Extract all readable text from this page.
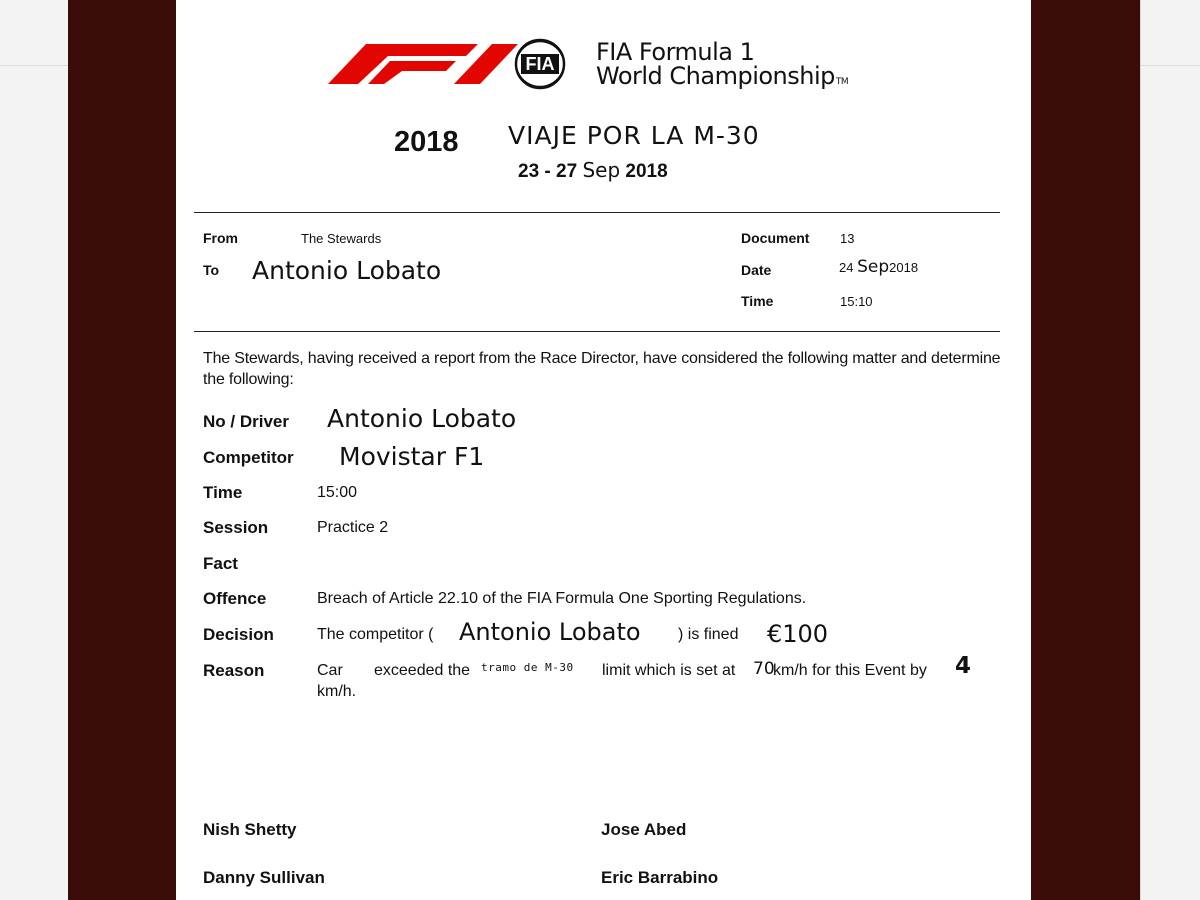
FIA FIA Formula 1
World ChampionshipTM
2018 VIAJE POR LA M-30
23 - 27 Sep 2018
From	The Stewards
To Antonio Lobato
Document 13
Date	24 Sep2018
Time	15:10
The Stewards, having received a report from the Race Director, have considered the following matter and determine the following:
No / Driver Antonio Lobato
Competitor Movistar F1
Time	15:00
Session	Practice 2
Fact
Offence	Breach of Article 22.10 of the FIA Formula One Sporting Regulations.
Decision	The competitor ( Antonio Lobato ) is fined €100
Reason	Car exceeded the tramo de M-30 limit which is set at 70
km/h for this Event by 4
km/h.
Nish Shetty	Jose Abed
Danny Sullivan	Eric Barrabino
